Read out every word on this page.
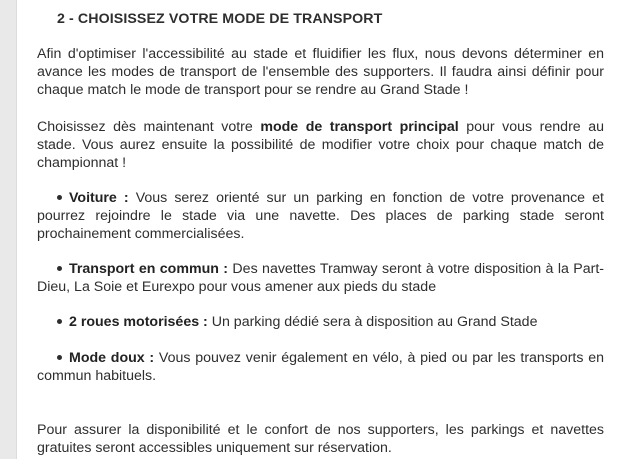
2 - CHOISISSEZ VOTRE MODE DE TRANSPORT

Afin d'optimiser l'accessibilité au stade et fluidifier les flux, nous devons déterminer en avance les modes de transport de l'ensemble des supporters. Il faudra ainsi définir pour chaque match le mode de transport pour se rendre au Grand Stade !

Choisissez dès maintenant votre mode de transport principal pour vous rendre au stade. Vous aurez ensuite la possibilité de modifier votre choix pour chaque match de championnat !

Voiture : Vous serez orienté sur un parking en fonction de votre provenance et pourrez rejoindre le stade via une navette. Des places de parking stade seront prochainement commercialisées.

Transport en commun : Des navettes Tramway seront à votre disposition à la Part-Dieu, La Soie et Eurexpo pour vous amener aux pieds du stade

2 roues motorisées : Un parking dédié sera à disposition au Grand Stade

Mode doux : Vous pouvez venir également en vélo, à pied ou par les transports en commun habituels.

Pour assurer la disponibilité et le confort de nos supporters, les parkings et navettes gratuites seront accessibles uniquement sur réservation.
